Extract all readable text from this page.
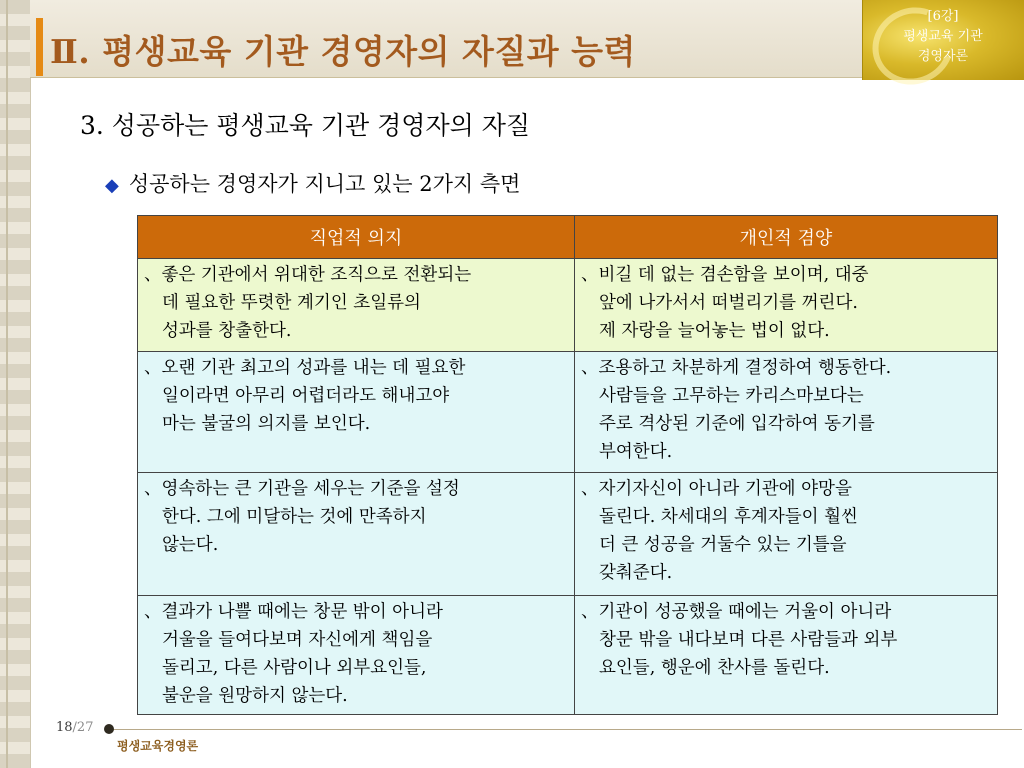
Ⅱ. 평생교육 기관 경영자의 자질과 능력
[6강]
평생교육 기관
경영자론
3. 성공하는 평생교육 기관 경영자의 자질
◆ 성공하는 경영자가 지니고 있는 2가지 측면
직업적 의지	개인적 겸양

、좋은 기관에서 위대한 조직으로 전환되는
데 필요한 뚜렷한 계기인 초일류의
성과를 창출한다.	、비길 데 없는 겸손함을 보이며, 대중
앞에 나가서서 떠벌리기를 꺼린다.
제 자랑을 늘어놓는 법이 없다.

、오랜 기관 최고의 성과를 내는 데 필요한
일이라면 아무리 어렵더라도 해내고야
마는 불굴의 의지를 보인다.	、조용하고 차분하게 결정하여 행동한다.
사람들을 고무하는 카리스마보다는
주로 격상된 기준에 입각하여 동기를
부여한다.

、영속하는 큰 기관을 세우는 기준을 설정
한다. 그에 미달하는 것에 만족하지
않는다.	、자기자신이 아니라 기관에 야망을
돌린다. 차세대의 후계자들이 훨씬
더 큰 성공을 거둘수 있는 기틀을
갖춰준다.

、결과가 나쁠 때에는 창문 밖이 아니라
거울을 들여다보며 자신에게 책임을
돌리고, 다른 사람이나 외부요인들,
불운을 원망하지 않는다.	、기관이 성공했을 때에는 거울이 아니라
창문 밖을 내다보며 다른 사람들과 외부
요인들, 행운에 찬사를 돌린다.
18/27
평생교육경영론
